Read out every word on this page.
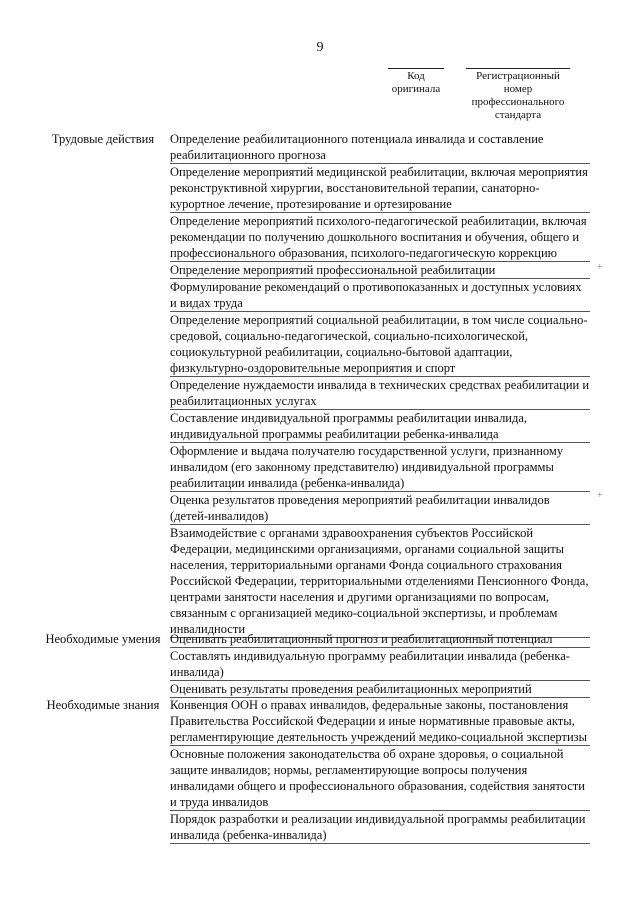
9
Код оригинала
Регистрационный номер профессионального стандарта
Трудовые действия	Определение реабилитационного потенциала инвалида и составление реабилитационного прогноза
Определение мероприятий медицинской реабилитации, включая мероприятия реконструктивной хирургии, восстановительной терапии, санаторно-курортное лечение, протезирование и ортезирование
Определение мероприятий психолого-педагогической реабилитации, включая рекомендации по получению дошкольного воспитания и обучения, общего и профессионального образования, психолого-педагогическую коррекцию
Определение мероприятий профессиональной реабилитации
Формулирование рекомендаций о противопоказанных и доступных условиях и видах труда
Определение мероприятий социальной реабилитации, в том числе социально-средовой, социально-педагогической, социально-психологической, социокультурной реабилитации, социально-бытовой адаптации, физкультурно-оздоровительные мероприятия и спорт
Определение нуждаемости инвалида в технических средствах реабилитации и реабилитационных услугах
Составление индивидуальной программы реабилитации инвалида, индивидуальной программы реабилитации ребенка-инвалида
Оформление и выдача получателю государственной услуги, признанному инвалидом (его законному представителю) индивидуальной программы реабилитации инвалида (ребенка-инвалида)
Оценка результатов проведения мероприятий реабилитации инвалидов (детей-инвалидов)
Взаимодействие с органами здравоохранения субъектов Российской Федерации, медицинскими организациями, органами социальной защиты населения, территориальными органами Фонда социального страхования Российской Федерации, территориальными отделениями Пенсионного Фонда, центрами занятости населения и другими организациями по вопросам, связанным с организацией медико-социальной экспертизы, и проблемам инвалидности
Необходимые умения Оценивать реабилитационный прогноз и реабилитационный потенциал
Составлять индивидуальную программу реабилитации инвалида (ребенка-инвалида)
Оценивать результаты проведения реабилитационных мероприятий
Необходимые знания Конвенция ООН о правах инвалидов, федеральные законы, постановления Правительства Российской Федерации и иные нормативные правовые акты, регламентирующие деятельность учреждений медико-социальной экспертизы
Основные положения законодательства об охране здоровья, о социальной защите инвалидов; нормы, регламентирующие вопросы получения инвалидами общего и профессионального образования, содействия занятости и труда инвалидов
Порядок разработки и реализации индивидуальной программы реабилитации инвалида (ребенка-инвалида)
+
+
